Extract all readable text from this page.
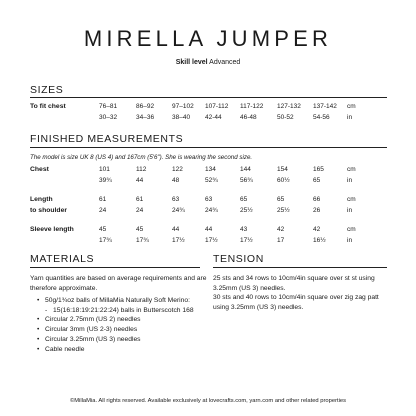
MIRELLA JUMPER
Skill level Advanced
SIZES
To fit chest	76–81	86–92	97–102 107-112 117-122 127-132 137-142 cm
30–32	34–36	38–40 42-44	46-48	50-52	54-56	in
FINISHED MEASUREMENTS
The model is size UK 8 (US 4) and 167cm (5'6"). She is wearing the second size.
Chest	101	112	122	134	144	154	165	cm
39¾	44	48	52¾	56¾	60½	65	in
Length
to shoulder
61	61	63	63	65	65	66	cm
24	24	24¾	24¾	25½	25½	26	in
Sleeve length	45	45	44	44	43	42	42	cm
17¾	17¾	17½	17½	17½	17	16½	in
MATERIALS
Yarn quantities are based on average requirements and are therefore approximate.
• 50g/1¾oz balls of MillaMia Naturally Soft Merino:
- 15(16:18:19:21:22:24) balls in Butterscotch 168
• Circular 2.75mm (US 2) needles
• Circular 3mm (US 2-3) needles
• Circular 3.25mm (US 3) needles
• Cable needle
TENSION
25 sts and 34 rows to 10cm/4in square over st st using 3.25mm (US 3) needles.
30 sts and 40 rows to 10cm/4in square over zig zag patt using 3.25mm (US 3) needles.
©MillaMia. All rights reserved. Available exclusively at lovecrafts.com, yarn.com and other related properties
